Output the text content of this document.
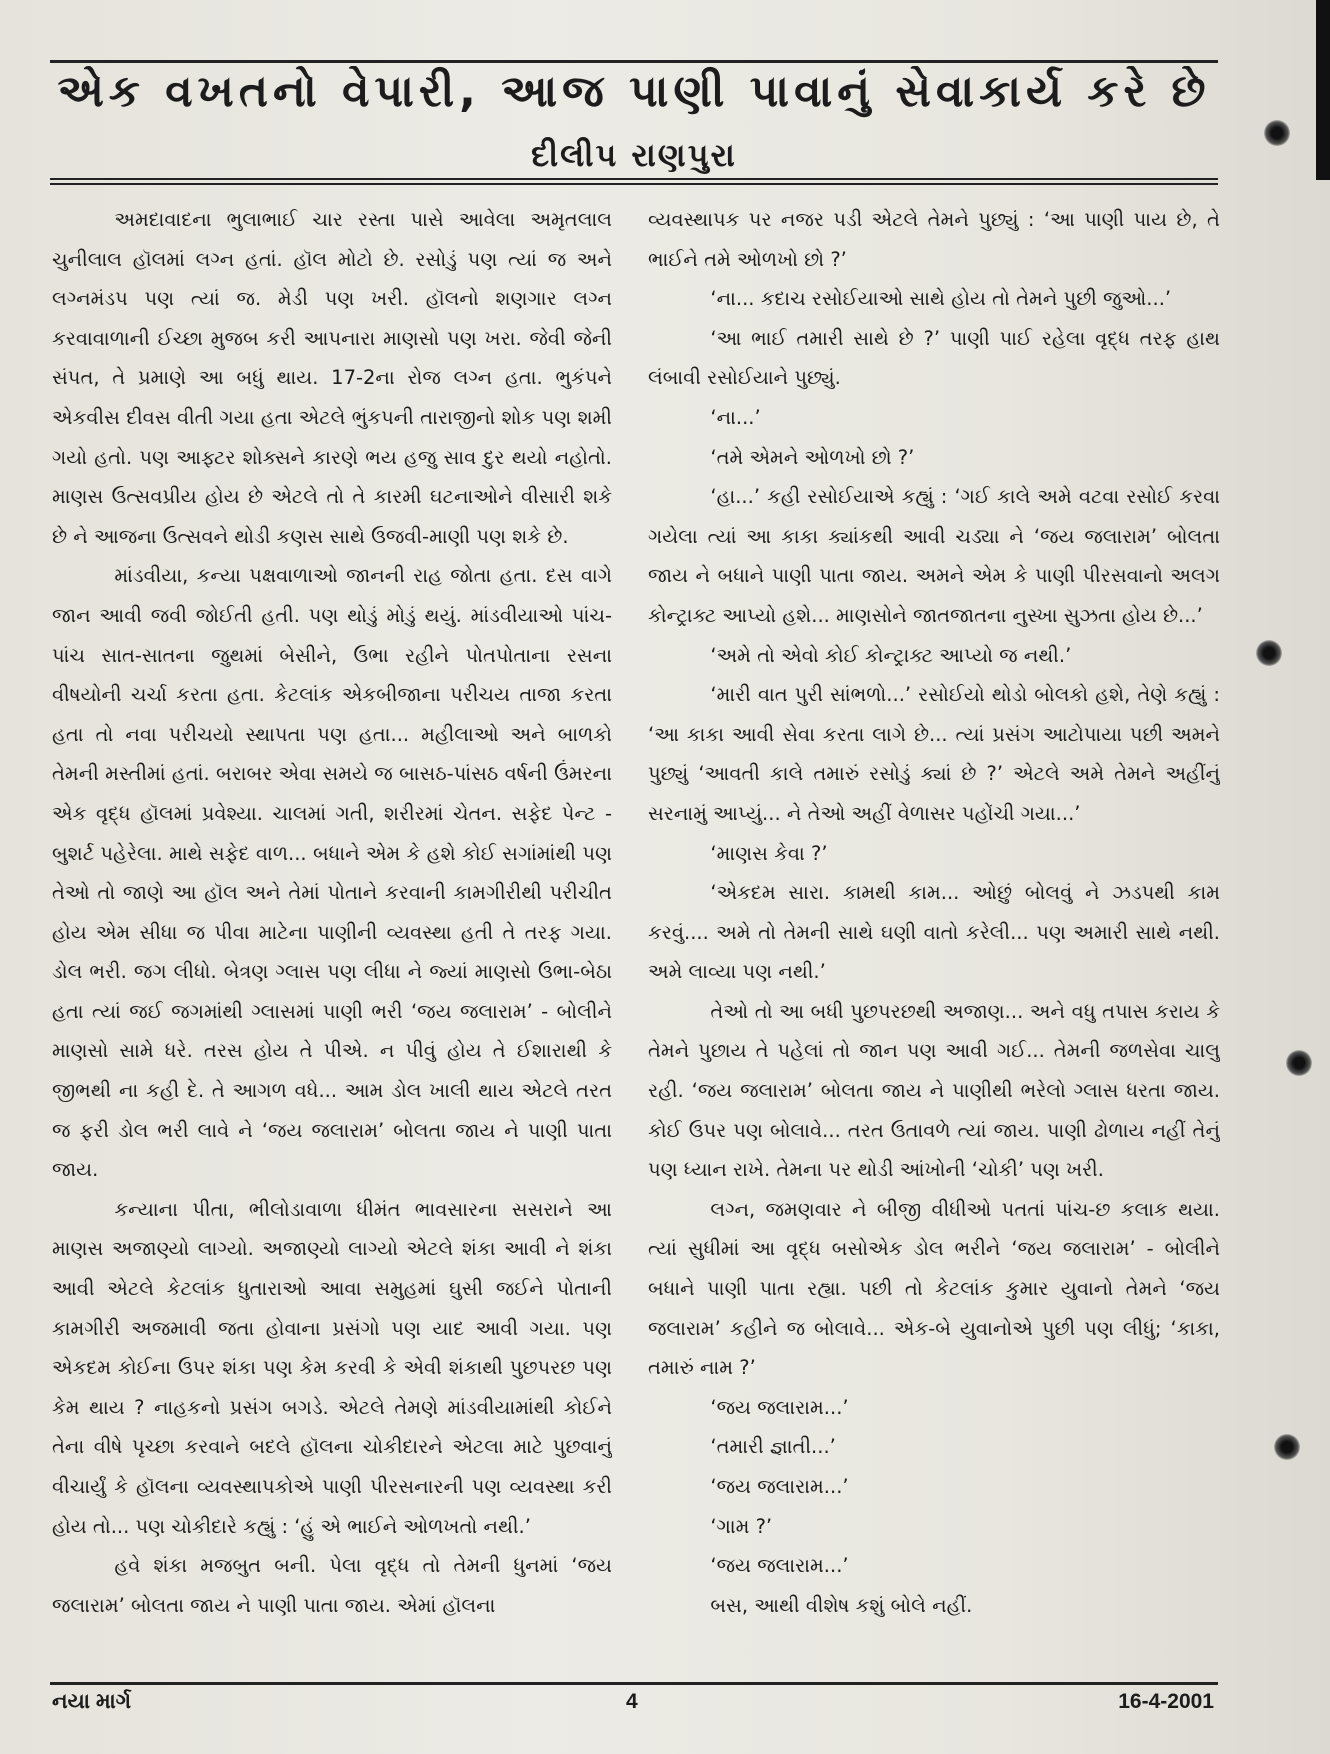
એક વખતનો વેપારી, આજ પાણી પાવાનું સેવાકાર્ય કરે છે
દીલીપ રાણપુરા

અમદાવાદના ભુલાભાઈ ચાર રસ્તા પાસે આવેલા અમૃતલાલ ચુનીલાલ હૉલમાં લગ્ન હતાં. હૉલ મોટો છે. રસોડું પણ ત્યાં જ અને લગ્નમંડપ પણ ત્યાં જ. મેડી પણ ખરી. હૉલનો શણગાર લગ્ન કરવાવાળાની ઈચ્છા મુજબ કરી આપનારા માણસો પણ ખરા. જેવી જેની સંપત, તે પ્રમાણે આ બધું થાય. 17-2ના રોજ લગ્ન હતા. ભુકંપને એકવીસ દીવસ વીતી ગયા હતા એટલે ભુંકપની તારાજીનો શોક પણ શમી ગયો હતો. પણ આફ્ટર શોક્સને કારણે ભય હજુ સાવ દુર થયો નહોતો. માણસ ઉત્સવપ્રીય હોય છે એટલે તો તે કારમી ઘટનાઓને વીસારી શકે છે ને આજના ઉત્સવને થોડી કણસ સાથે ઉજવી-માણી પણ શકે છે.

માંડવીયા, કન્યા પક્ષવાળાઓ જાનની રાહ જોતા હતા. દસ વાગે જાન આવી જવી જોઈતી હતી. પણ થોડું મોડું થયું. માંડવીયાઓ પાંચ-પાંચ સાત-સાતના જુથમાં બેસીને, ઉભા રહીને પોતપોતાના રસના વીષયોની ચર્ચા કરતા હતા. કેટલાંક એકબીજાના પરીચય તાજા કરતા હતા તો નવા પરીચયો સ્થાપતા પણ હતા... મહીલાઓ અને બાળકો તેમની મસ્તીમાં હતાં. બરાબર એવા સમયે જ બાસઠ-પાંસઠ વર્ષની ઉંમરના એક વૃદ્ધ હૉલમાં પ્રવેશ્યા. ચાલમાં ગતી, શરીરમાં ચેતન. સફેદ પેન્ટ - બુશર્ટ પહેરેલા. માથે સફેદ વાળ... બધાને એમ કે હશે કોઈ સગાંમાંથી પણ તેઓ તો જાણે આ હૉલ અને તેમાં પોતાને કરવાની કામગીરીથી પરીચીત હોય એમ સીધા જ પીવા માટેના પાણીની વ્યવસ્થા હતી તે તરફ ગયા. ડોલ ભરી. જગ લીધો. બેત્રણ ગ્લાસ પણ લીધા ને જ્યાં માણસો ઉભા-બેઠા હતા ત્યાં જઈ જગમાંથી ગ્લાસમાં પાણી ભરી ‘જય જલારામ’ - બોલીને માણસો સામે ધરે. તરસ હોય તે પીએ. ન પીવું હોય તે ઈશારાથી કે જીભથી ના કહી દે. તે આગળ વધે... આમ ડોલ ખાલી થાય એટલે તરત જ ફરી ડોલ ભરી લાવે ને ‘જય જલારામ’ બોલતા જાય ને પાણી પાતા જાય.

કન્યાના પીતા, ભીલોડાવાળા ધીમંત ભાવસારના સસરાને આ માણસ અજાણ્યો લાગ્યો. અજાણ્યો લાગ્યો એટલે શંકા આવી ને શંકા આવી એટલે કેટલાંક ધુતારાઓ આવા સમુહમાં ઘુસી જઈને પોતાની કામગીરી અજમાવી જતા હોવાના પ્રસંગો પણ યાદ આવી ગયા. પણ એકદમ કોઈના ઉપર શંકા પણ કેમ કરવી કે એવી શંકાથી પુછપરછ પણ કેમ થાય ? નાહકનો પ્રસંગ બગડે. એટલે તેમણે માંડવીયામાંથી કોઈને તેના વીષે પૃચ્છા કરવાને બદલે હૉલના ચોકીદારને એટલા માટે પુછવાનું વીચાર્યું કે હૉલના વ્યવસ્થાપકોએ પાણી પીરસનારની પણ વ્યવસ્થા કરી હોય તો... પણ ચોકીદારે કહ્યું : ‘હું એ ભાઈને ઓળખતો નથી.’

હવે શંકા મજબુત બની. પેલા વૃદ્ધ તો તેમની ધુનમાં ‘જય જલારામ’ બોલતા જાય ને પાણી પાતા જાય. એમાં હૉલના

વ્યવસ્થાપક પર નજર પડી એટલે તેમને પુછ્યું : ‘આ પાણી પાય છે, તે ભાઈને તમે ઓળખો છો ?’

‘ના... કદાચ રસોઈયાઓ સાથે હોય તો તેમને પુછી જુઓ...’

‘આ ભાઈ તમારી સાથે છે ?’ પાણી પાઈ રહેલા વૃદ્ધ તરફ હાથ લંબાવી રસોઈયાને પુછ્યું.

‘ના...’

‘તમે એમને ઓળખો છો ?’

‘હા...’ કહી રસોઈયાએ કહ્યું : ‘ગઈ કાલે અમે વટવા રસોઈ કરવા ગયેલા ત્યાં આ કાકા ક્યાંકથી આવી ચડ્યા ને ‘જય જલારામ’ બોલતા જાય ને બધાને પાણી પાતા જાય. અમને એમ કે પાણી પીરસવાનો અલગ કોન્ટ્રાક્ટ આપ્યો હશે... માણસોને જાતજાતના નુસ્ખા સુઝતા હોય છે...’

‘અમે તો એવો કોઈ કોન્ટ્રાક્ટ આપ્યો જ નથી.’

‘મારી વાત પુરી સાંભળો...’ રસોઈયો થોડો બોલકો હશે, તેણે કહ્યું : ‘આ કાકા આવી સેવા કરતા લાગે છે... ત્યાં પ્રસંગ આટોપાયા પછી અમને પુછ્યું ‘આવતી કાલે તમારું રસોડું ક્યાં છે ?’ એટલે અમે તેમને અહીંનું સરનામું આપ્યું... ને તેઓ અહીં વેળાસર પહોંચી ગયા...’

‘માણસ કેવા ?’

‘એકદમ સારા. કામથી કામ... ઓછું બોલવું ને ઝડપથી કામ કરવું.... અમે તો તેમની સાથે ઘણી વાતો કરેલી... પણ અમારી સાથે નથી. અમે લાવ્યા પણ નથી.’

તેઓ તો આ બધી પુછપરછથી અજાણ... અને વધુ તપાસ કરાય કે તેમને પુછાય તે પહેલાં તો જાન પણ આવી ગઈ... તેમની જળસેવા ચાલુ રહી. ‘જય જલારામ’ બોલતા જાય ને પાણીથી ભરેલો ગ્લાસ ધરતા જાય. કોઈ ઉપર પણ બોલાવે... તરત ઉતાવળે ત્યાં જાય. પાણી ઢોળાય નહીં તેનું પણ ધ્યાન રાખે. તેમના પર થોડી આંખોની ‘ચોકી’ પણ ખરી.

લગ્ન, જમણવાર ને બીજી વીધીઓ પતતાં પાંચ-છ કલાક થયા. ત્યાં સુધીમાં આ વૃદ્ધ બસોએક ડોલ ભરીને ‘જય જલારામ’ - બોલીને બધાને પાણી પાતા રહ્યા. પછી તો કેટલાંક કુમાર યુવાનો તેમને ‘જય જલારામ’ કહીને જ બોલાવે... એક-બે યુવાનોએ પુછી પણ લીધું; ‘કાકા, તમારું નામ ?’

‘જય જલારામ...’

‘તમારી જ્ઞાતી...’

‘જય જલારામ...’

‘ગામ ?’

‘જય જલારામ...’

બસ, આથી વીશેષ કશું બોલે નહીં.

નયા માર્ગ	4	16-4-2001
